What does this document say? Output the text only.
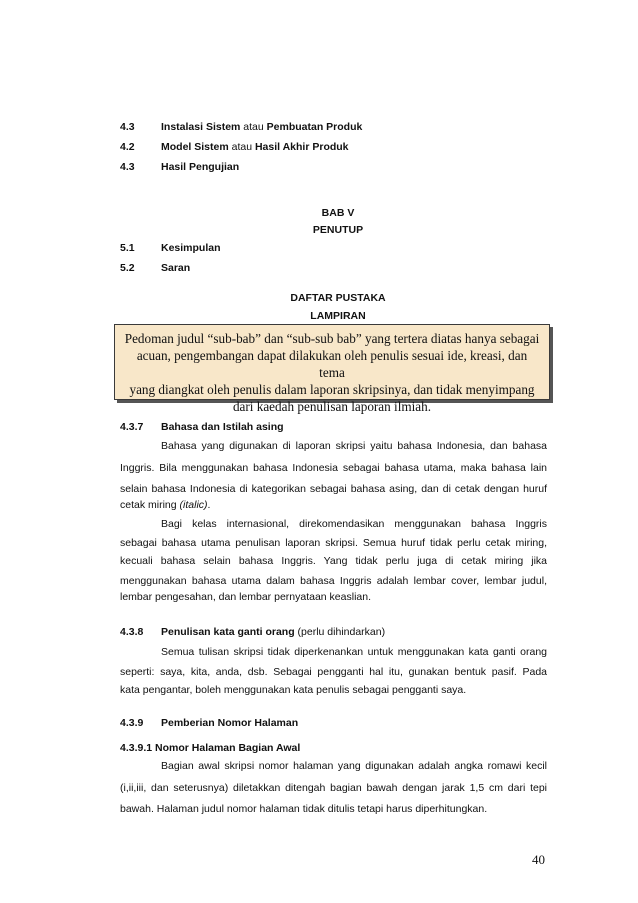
4.3	Instalasi Sistem atau Pembuatan Produk
4.2	Model Sistem atau Hasil Akhir Produk
4.3	Hasil Pengujian
BAB V
PENUTUP
5.1	Kesimpulan
5.2	Saran
DAFTAR PUSTAKA
LAMPIRAN
Pedoman judul “sub-bab” dan “sub-sub bab” yang tertera diatas hanya sebagai
acuan, pengembangan dapat dilakukan oleh penulis sesuai ide, kreasi, dan tema
yang diangkat oleh penulis dalam laporan skripsinya, dan tidak menyimpang
dari kaedah penulisan laporan ilmiah.
4.3.7 Bahasa dan Istilah asing
Bahasa yang digunakan di laporan skripsi yaitu bahasa Indonesia, dan bahasa
Inggris. Bila menggunakan bahasa Indonesia sebagai bahasa utama, maka bahasa lain
selain bahasa Indonesia di kategorikan sebagai bahasa asing, dan di cetak dengan huruf
cetak miring (italic).
Bagi kelas internasional, direkomendasikan menggunakan bahasa Inggris
sebagai bahasa utama penulisan laporan skripsi. Semua huruf tidak perlu cetak miring,
kecuali bahasa selain bahasa Inggris. Yang tidak perlu juga di cetak miring jika
menggunakan bahasa utama dalam bahasa Inggris adalah lembar cover, lembar judul,
lembar pengesahan, dan lembar pernyataan keaslian.
4.3.8 Penulisan kata ganti orang (perlu dihindarkan)
Semua tulisan skripsi tidak diperkenankan untuk menggunakan kata ganti orang
seperti: saya, kita, anda, dsb. Sebagai pengganti hal itu, gunakan bentuk pasif. Pada
kata pengantar, boleh menggunakan kata penulis sebagai pengganti saya.
4.3.9 Pemberian Nomor Halaman
4.3.9.1 Nomor Halaman Bagian Awal
Bagian awal skripsi nomor halaman yang digunakan adalah angka romawi kecil
(i,ii,iii, dan seterusnya) diletakkan ditengah bagian bawah dengan jarak 1,5 cm dari tepi
bawah. Halaman judul nomor halaman tidak ditulis tetapi harus diperhitungkan.
40
